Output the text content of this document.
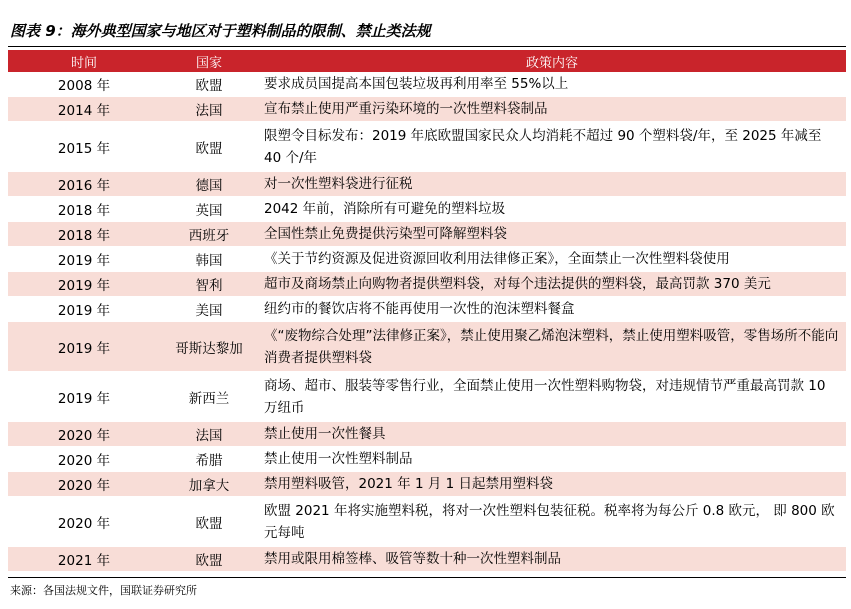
图表 9：海外典型国家与地区对于塑料制品的限制、禁止类法规
时间	国家	政策内容
2008 年	欧盟	要求成员国提高本国包装垃圾再利用率至 55%以上
2014 年	法国	宣布禁止使用严重污染环境的一次性塑料袋制品
2015 年	欧盟	限塑令目标发布：2019 年底欧盟国家民众人均消耗不超过 90 个塑料袋/年，至 2025 年减至 40 个/年
2016 年	德国	对一次性塑料袋进行征税
2018 年	英国	2042 年前，消除所有可避免的塑料垃圾
2018 年	西班牙	全国性禁止免费提供污染型可降解塑料袋
2019 年	韩国	《关于节约资源及促进资源回收利用法律修正案》，全面禁止一次性塑料袋使用
2019 年	智利	超市及商场禁止向购物者提供塑料袋，对每个违法提供的塑料袋，最高罚款 370 美元
2019 年	美国	纽约市的餐饮店将不能再使用一次性的泡沫塑料餐盒
2019 年	哥斯达黎加	《“废物综合处理”法律修正案》，禁止使用聚乙烯泡沫塑料，禁止使用塑料吸管，零售场所不能向消费者提供塑料袋
2019 年	新西兰	商场、超市、服装等零售行业，全面禁止使用一次性塑料购物袋，对违规情节严重最高罚款 10 万纽币
2020 年	法国	禁止使用一次性餐具
2020 年	希腊	禁止使用一次性塑料制品
2020 年	加拿大	禁用塑料吸管，2021 年 1 月 1 日起禁用塑料袋
2020 年	欧盟	欧盟 2021 年将实施塑料税，将对一次性塑料包装征税。税率将为每公斤 0.8 欧元， 即 800 欧元每吨
2021 年	欧盟	禁用或限用棉签棒、吸管等数十种一次性塑料制品
来源：各国法规文件，国联证券研究所
